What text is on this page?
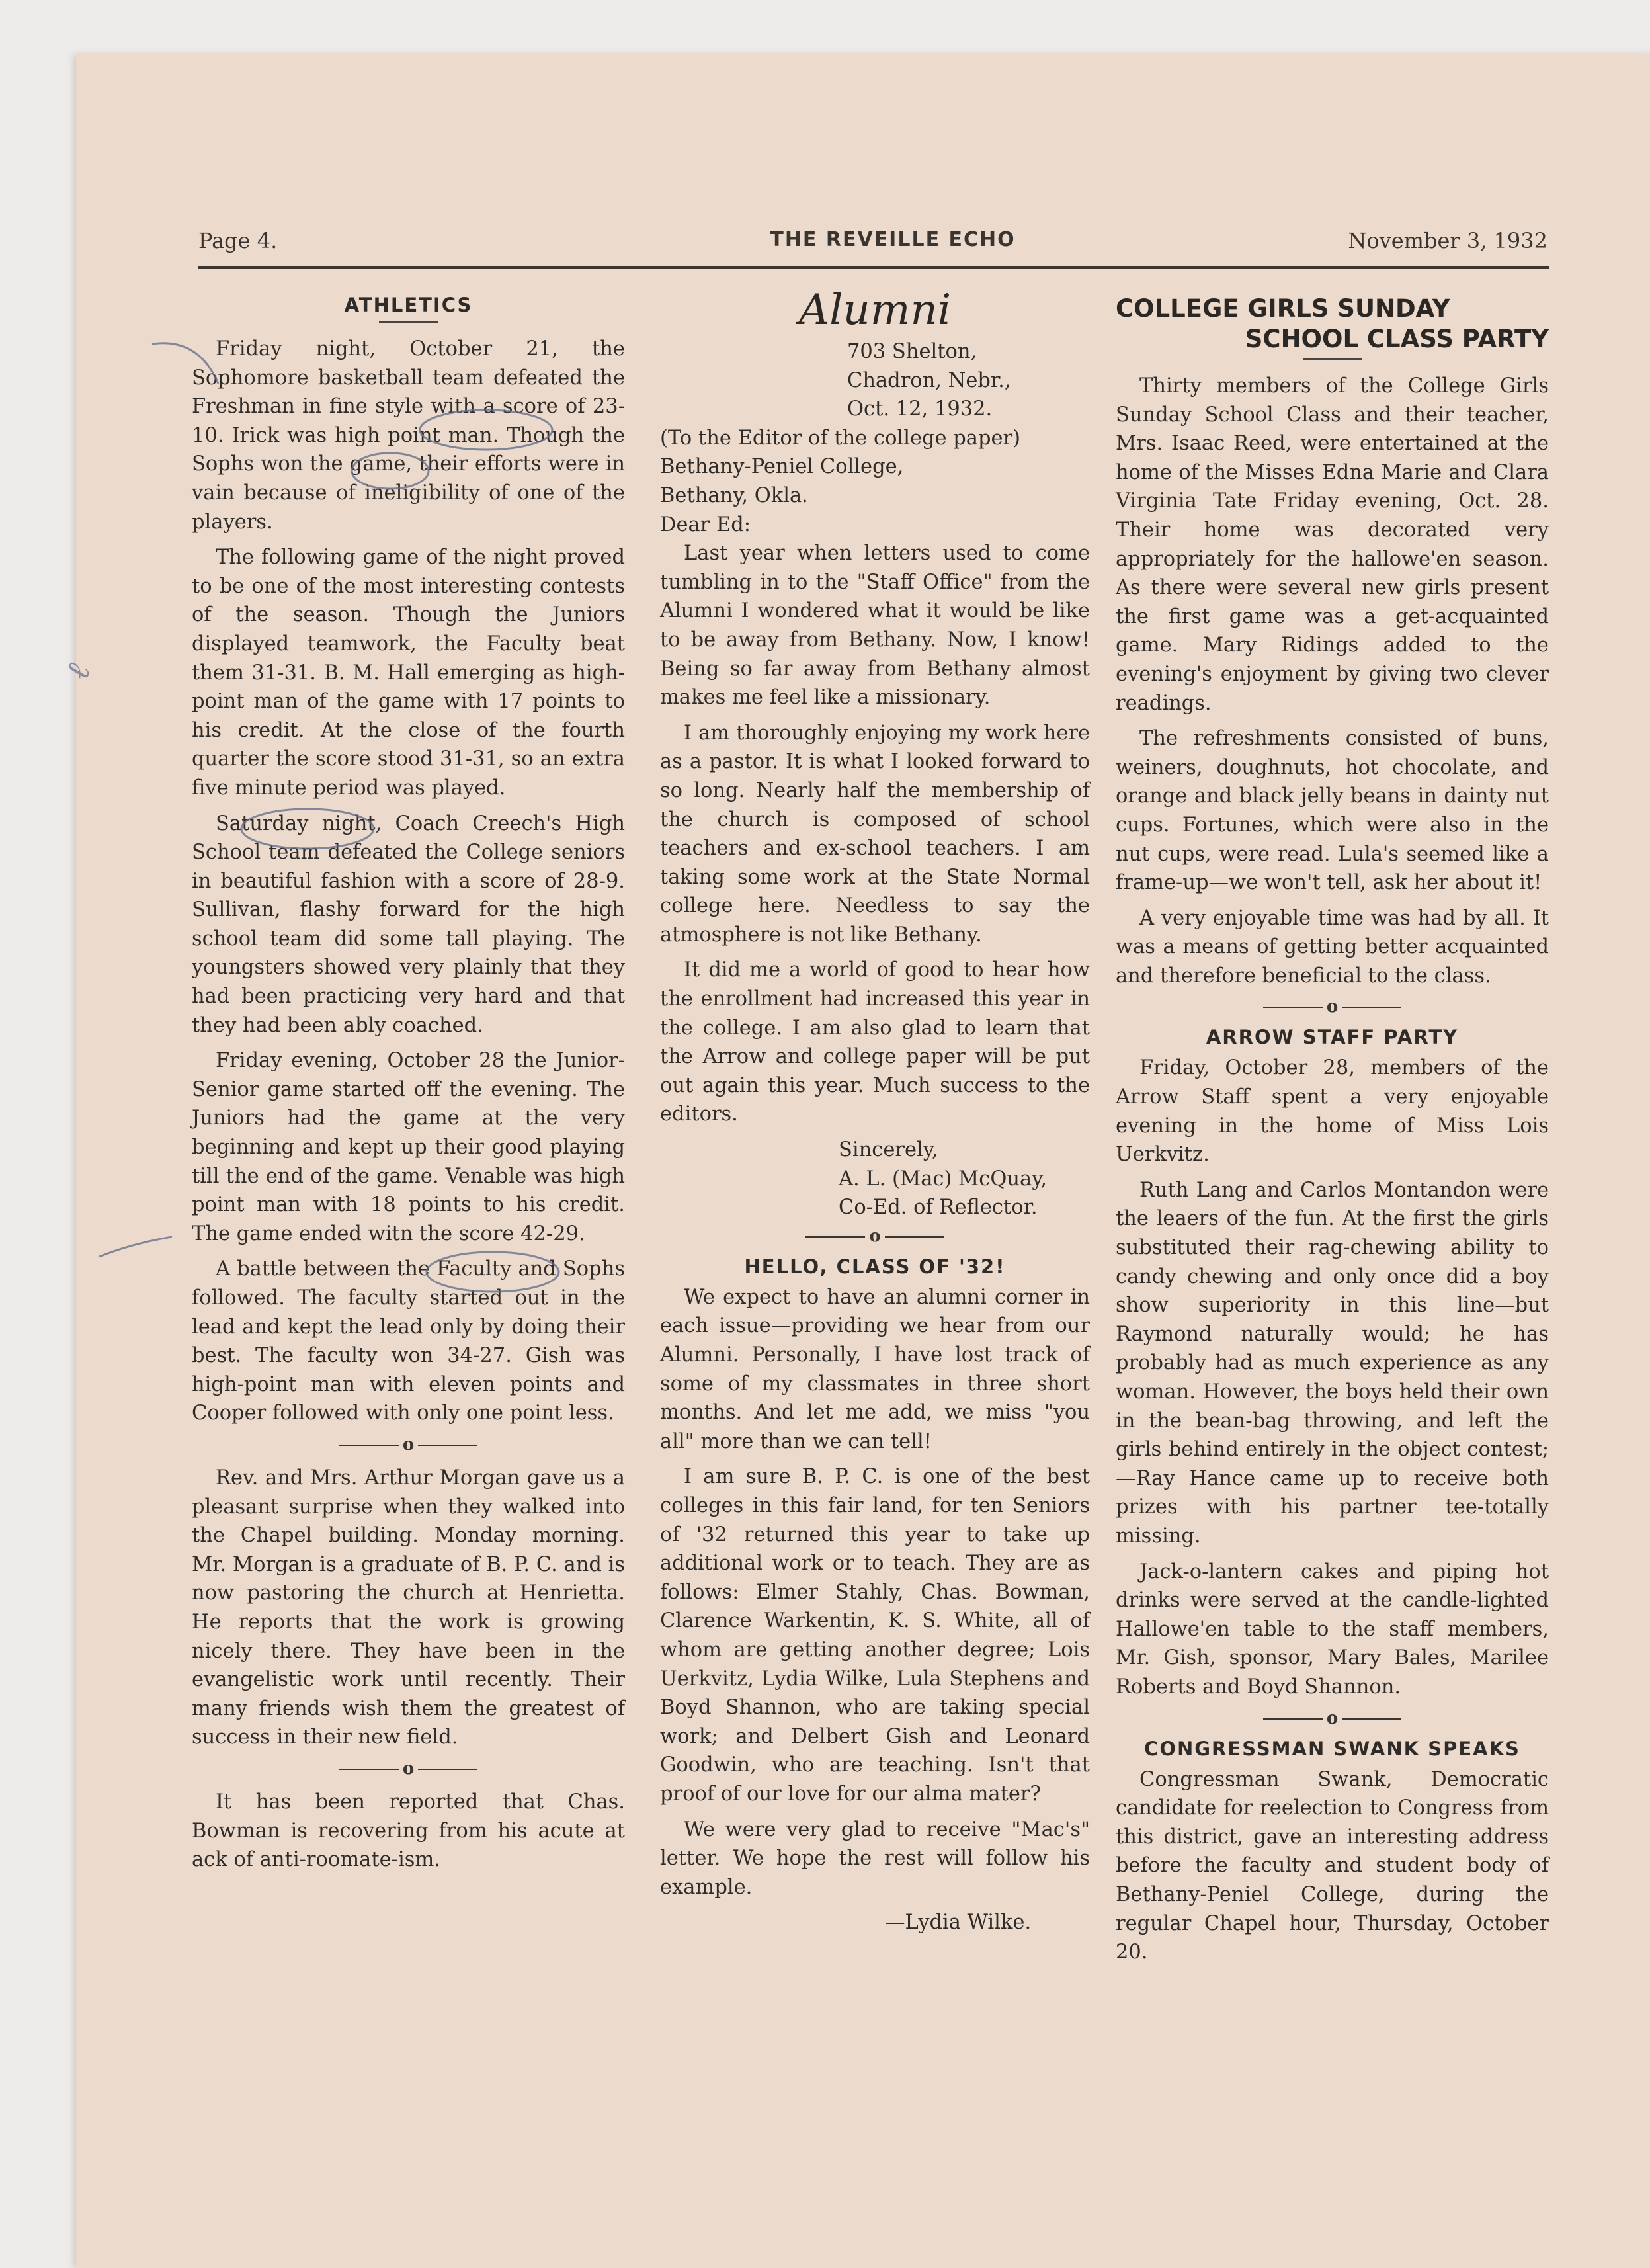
Page 4.	THE REVEILLE ECHO	November 3, 1932
ATHLETICS

Friday night, October 21, the Sophomore basketball team defeated the Freshman in fine style with a score of 23-10. Irick was high point man. Though the Sophs won the game, their efforts were in vain because of ineligibility of one of the players.

The following game of the night proved to be one of the most interesting contests of the season. Though the Juniors displayed teamwork, the Faculty beat them 31-31. B. M. Hall emerging as high-point man of the game with 17 points to his credit. At the close of the fourth quarter the score stood 31-31, so an extra five minute period was played.

Saturday night, Coach Creech's High School team defeated the College seniors in beautiful fashion with a score of 28-9. Sullivan, flashy forward for the high school team did some tall playing. The youngsters showed very plainly that they had been practicing very hard and that they had been ably coached.

Friday evening, October 28 the Junior-Senior game started off the evening. The Juniors had the game at the very beginning and kept up their good playing till the end of the game. Venable was high point man with 18 points to his credit. The game ended witn the score 42-29.

A battle between the Faculty and Sophs followed. The faculty started out in the lead and kept the lead only by doing their best. The faculty won 34-27. Gish was high-point man with eleven points and Cooper followed with only one point less.

o

Rev. and Mrs. Arthur Morgan gave us a pleasant surprise when they walked into the Chapel building. Monday morning. Mr. Morgan is a graduate of B. P. C. and is now pastoring the church at Henrietta. He reports that the work is growing nicely there. They have been in the evangelistic work until recently. Their many friends wish them the greatest of success in their new field.

o

It has been reported that Chas. Bowman is recovering from his acute at ack of anti-roomate-ism.

Alumni

703 Shelton,

Chadron, Nebr.,

Oct. 12, 1932.

(To the Editor of the college paper)

Bethany-Peniel College,

Bethany, Okla.

Dear Ed:

Last year when letters used to come tumbling in to the "Staff Office" from the Alumni I wondered what it would be like to be away from Bethany. Now, I know! Being so far away from Bethany almost makes me feel like a missionary.

I am thoroughly enjoying my work here as a pastor. It is what I looked forward to so long. Nearly half the membership of the church is composed of school teachers and ex-school teachers. I am taking some work at the State Normal college here. Needless to say the atmosphere is not like Bethany.

It did me a world of good to hear how the enrollment had increased this year in the college. I am also glad to learn that the Arrow and college paper will be put out again this year. Much success to the editors.

Sincerely,

A. L. (Mac) McQuay,

Co-Ed. of Reflector.

o
HELLO, CLASS OF '32!

We expect to have an alumni corner in each issue—providing we hear from our Alumni. Personally, I have lost track of some of my classmates in three short months. And let me add, we miss "you all" more than we can tell!

I am sure B. P. C. is one of the best colleges in this fair land, for ten Seniors of '32 returned this year to take up additional work or to teach. They are as follows: Elmer Stahly, Chas. Bowman, Clarence Warkentin, K. S. White, all of whom are getting another degree; Lois Uerkvitz, Lydia Wilke, Lula Stephens and Boyd Shannon, who are taking special work; and Delbert Gish and Leonard Goodwin, who are teaching. Isn't that proof of our love for our alma mater?

We were very glad to receive "Mac's" letter. We hope the rest will follow his example.

—Lydia Wilke.

COLLEGE GIRLS SUNDAY
SCHOOL CLASS PARTY

Thirty members of the College Girls Sunday School Class and their teacher, Mrs. Isaac Reed, were entertained at the home of the Misses Edna Marie and Clara Virginia Tate Friday evening, Oct. 28. Their home was decorated very appropriately for the hallowe'en season. As there were several new girls present the first game was a get-acquainted game. Mary Ridings added to the evening's enjoyment by giving two clever readings.

The refreshments consisted of buns, weiners, doughnuts, hot chocolate, and orange and black jelly beans in dainty nut cups. Fortunes, which were also in the nut cups, were read. Lula's seemed like a frame-up—we won't tell, ask her about it!

A very enjoyable time was had by all. It was a means of getting better acquainted and therefore beneficial to the class.

o
ARROW STAFF PARTY

Friday, October 28, members of the Arrow Staff spent a very enjoyable evening in the home of Miss Lois Uerkvitz.

Ruth Lang and Carlos Montandon were the leaers of the fun. At the first the girls substituted their rag-chewing ability to candy chewing and only once did a boy show superiority in this line—but Raymond naturally would; he has probably had as much experience as any woman. However, the boys held their own in the bean-bag throwing, and left the girls behind entirely in the object contest;—Ray Hance came up to receive both prizes with his partner tee-totally missing.

Jack-o-lantern cakes and piping hot drinks were served at the candle-lighted Hallowe'en table to the staff members, Mr. Gish, sponsor, Mary Bales, Marilee Roberts and Boyd Shannon.

o
CONGRESSMAN SWANK SPEAKS

Congressman Swank, Democratic candidate for reelection to Congress from this district, gave an interesting address before the faculty and student body of Bethany-Peniel College, during the regular Chapel hour, Thursday, October 20.

ℓ
